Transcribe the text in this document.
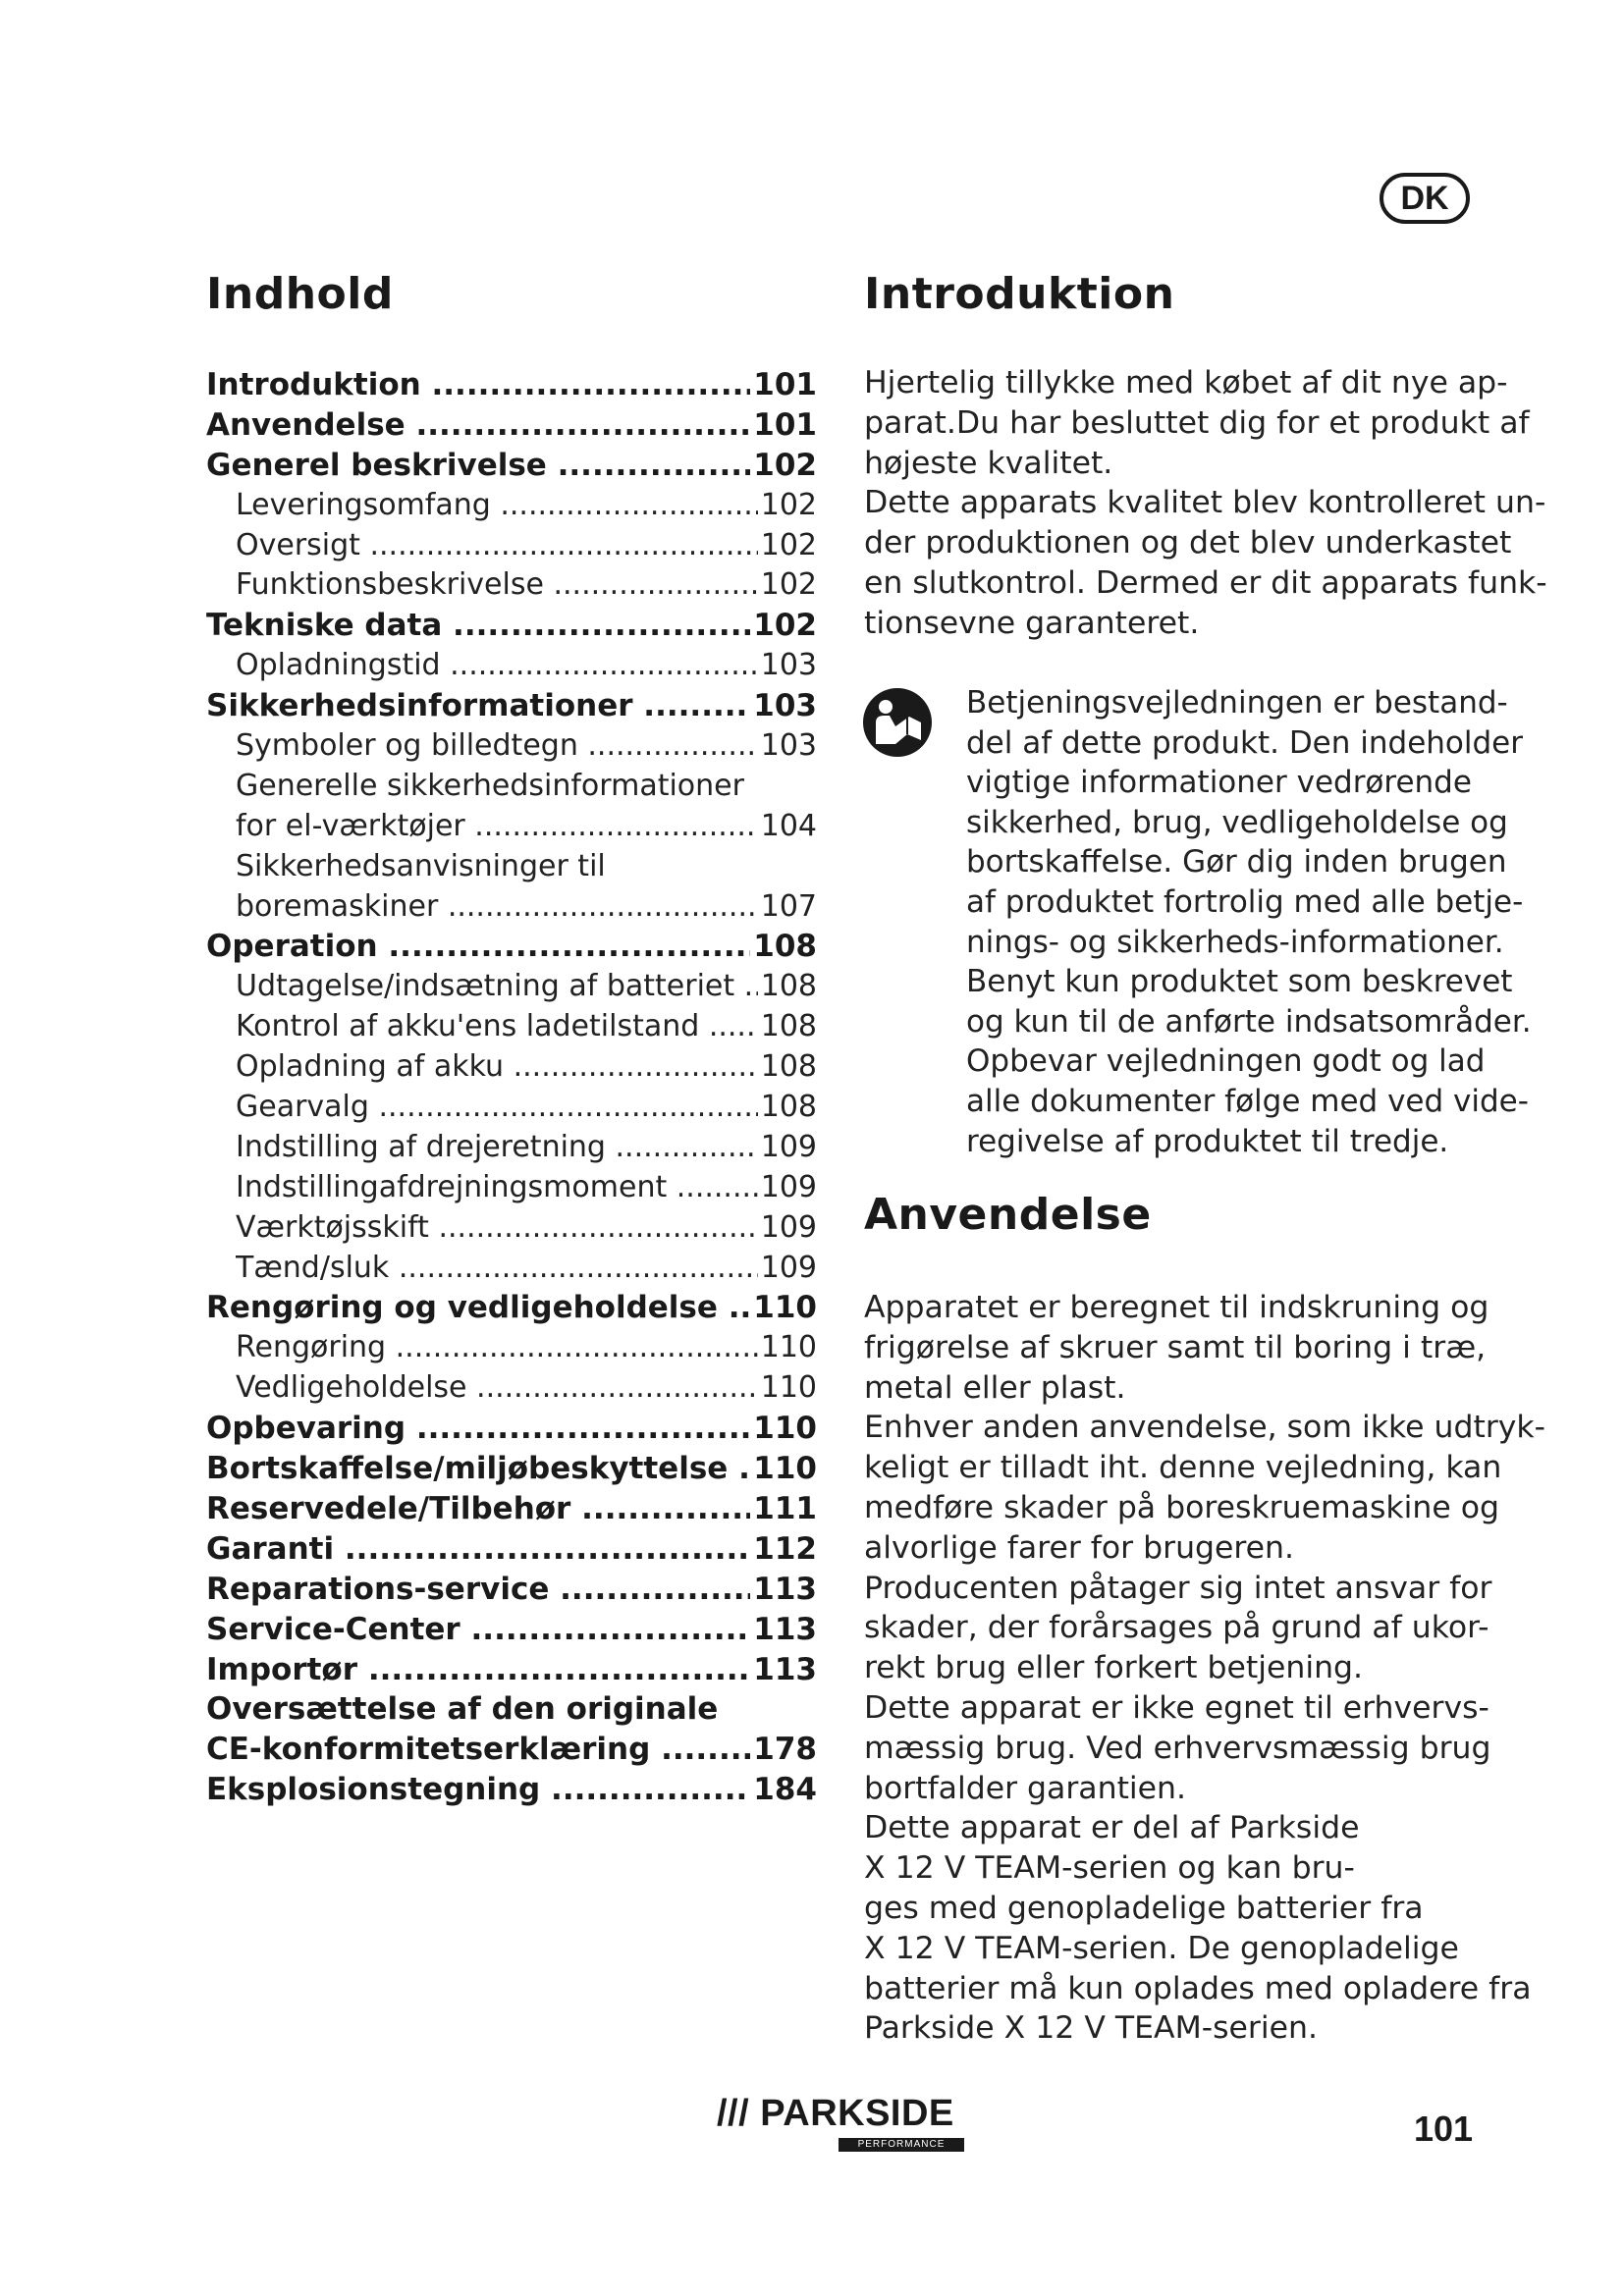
DK
Indhold
Introduktion .....	101
Anvendelse .....	101
Generel beskrivelse .....	102
Leveringsomfang .....	102
Oversigt .....	102
Funktionsbeskrivelse .....	102
Tekniske data .....	102
Opladningstid .....	103
Sikkerhedsinformationer .....	103
Symboler og billedtegn .....	103
Generelle sikkerhedsinformationer
for el-værktøjer .....	104
Sikkerhedsanvisninger til
boremaskiner .....	107
Operation .....	108
Udtagelse/indsætning af batteriet ..... 108
Kontrol af akku'ens ladetilstand .....	108
Opladning af akku .....	108
Gearvalg .....	108
Indstilling af drejeretning .....	109
Indstillingafdrejningsmoment .....	109
Værktøjsskift .....	109
Tænd/sluk .....	109
Rengøring og vedligeholdelse .....	110
Rengøring .....	110
Vedligeholdelse .....	110
Opbevaring .....	110
Bortskaffelse/miljøbeskyttelse ..... 110
Reservedele/Tilbehør .....	111
Garanti .....	112
Reparations-service .....	113
Service-Center .....	113
Importør .....	113
Oversættelse af den originale
CE-konformitetserklæring .....	178
Eksplosionstegning .....	184
Introduktion
Hjertelig tillykke med købet af dit nye ap-
parat.Du har besluttet dig for et produkt af
højeste kvalitet.
Dette apparats kvalitet blev kontrolleret un-
der produktionen og det blev underkastet
en slutkontrol. Dermed er dit apparats funk-
tionsevne garanteret.
Betjeningsvejledningen er bestand-
del af dette produkt. Den indeholder
vigtige informationer vedrørende
sikkerhed, brug, vedligeholdelse og
bortskaffelse. Gør dig inden brugen
af produktet fortrolig med alle betje-
nings- og sikkerheds-informationer.
Benyt kun produktet som beskrevet
og kun til de anførte indsatsområder.
Opbevar vejledningen godt og lad
alle dokumenter følge med ved vide-
regivelse af produktet til tredje.
Anvendelse
Apparatet er beregnet til indskruning og
frigørelse af skruer samt til boring i træ,
metal eller plast.
Enhver anden anvendelse, som ikke udtryk-
keligt er tilladt iht. denne vejledning, kan
medføre skader på boreskruemaskine og
alvorlige farer for brugeren.
Producenten påtager sig intet ansvar for
skader, der forårsages på grund af ukor-
rekt brug eller forkert betjening.
Dette apparat er ikke egnet til erhvervs-
mæssig brug. Ved erhvervsmæssig brug
bortfalder garantien.
Dette apparat er del af Parkside
X 12 V TEAM-serien og kan bru-
ges med genopladelige batterier fra
X 12 V TEAM-serien. De genopladelige
batterier må kun oplades med opladere fra
Parkside X 12 V TEAM-serien.
/// PARKSIDE
PERFORMANCE	101
